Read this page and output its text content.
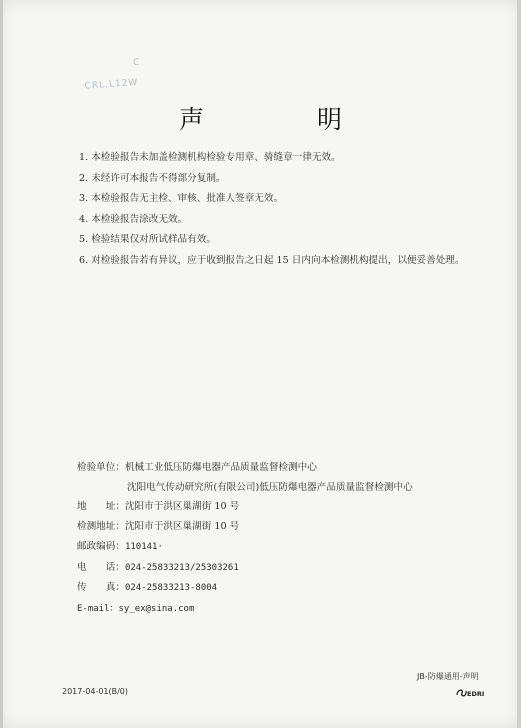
C
CRL.L12W
声　明
1. 本检验报告未加盖检测机构检验专用章、骑缝章一律无效。
2. 未经许可本报告不得部分复制。
3. 本检验报告无主检、审核、批准人签章无效。
4. 本检验报告涂改无效。
5. 检验结果仅对所试样品有效。
6. 对检验报告若有异议，应于收到报告之日起 15 日内向本检测机构提出，以便妥善处理。
检验单位：机械工业低压防爆电器产品质量监督检测中心
沈阳电气传动研究所(有限公司)低压防爆电器产品质量监督检测中心
地　　址：沈阳市于洪区巢湖街 10 号
检测地址：沈阳市于洪区巢湖街 10 号
邮政编码：110141·
电　　话：024-25833213/25303261
传　　真：024-25833213-8004
E-mail：sy_ex@sina.com
JB-防爆通用-声明
2017-04-01(B/0)	EDRI
